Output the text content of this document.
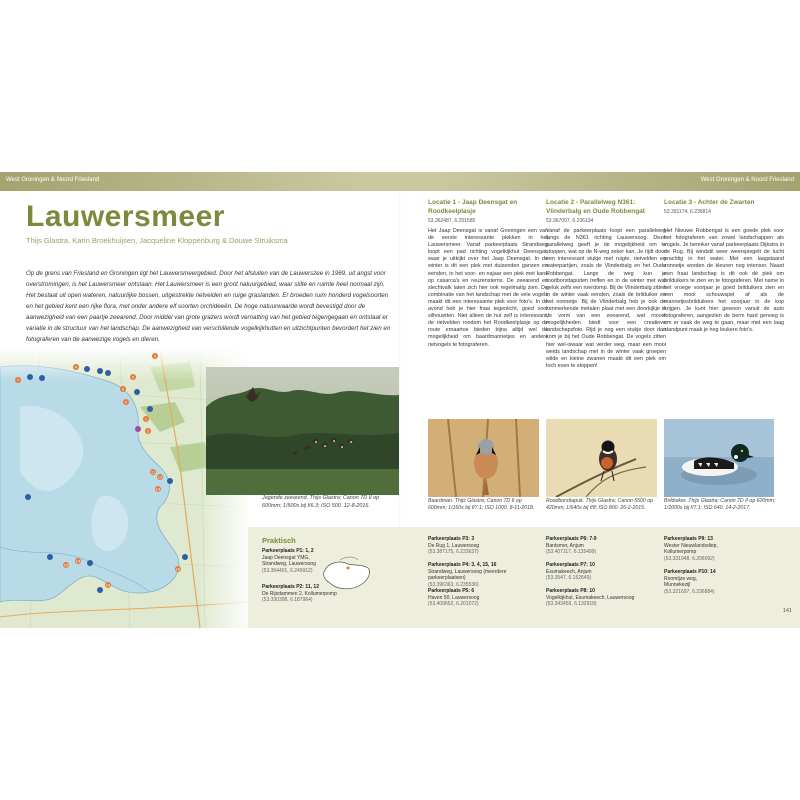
West Groningen & Noord Friesland	West Groningen & Noord Friesland
Lauwersmeer
Thijs Glastra, Karin Broekhuijsen, Jacqueline Kloppenburg & Douwe Struiksma

Op de grens van Friesland en Groningen ligt het Lauwersmeergebied. Door het afsluiten van de Lauwerszee in 1969, uit angst voor overstromingen, is het Lauwersmeer ontstaan. Het Lauwersmeer is een groot natuurgebied, waar stilte en ruimte heel normaal zijn. Het bestaat uit open wateren, natuurlijke bossen, uitgestrekte rietvelden en ruige graslanden. Er broeden ruim honderd vogelsoorten en het gebied kent een rijke flora, met onder andere elf soorten orchideeën. De hoge natuurwaarde wordt bevestigd door de aanwezigheid van een paartje zeearend. Door middel van grote grazers wordt vernatting van het gebied tegengegaan en ontstaat er variatie in de structuur van het landschap. De aanwezigheid van verschillende vogelkijkhutten en uitzichtpunten bevordert het zien en fotograferen van de aanwezige vogels en dieren.

3
4
5
7
8
9
1
2
11
12
13
14
15
16
10
Jagende zeearend. Thijs Glastra; Canon 7D II op 600mm; 1/500s bij f/6.3; ISO 500. 12-8-2016.
Praktisch
Parkeerplaats P1: 1, 2
Jaap Deensgat YMG,
Strandweg, Lauwersoog
(53.364401, 6.249912)
Parkeerplaats P2: 11, 12
De Rijsdammen 2, Kollumerpomp
(53.330398, 6.187964)
Parkeerplaats P3: 3
De Rug 1, Lauwersoog
(53.387175, 6.233637)
Parkeerplaats P4: 3, 4, 15, 16
Strandweg, Lauwersoog (meerdere parkeerplaatsen)
(53.396363, 6.235536)
Parkeerplaats P5: 6
Haven 50, Lauwersoog
(53.409652, 6.201072)
Parkeerplaats P6: 7-9
Bantsmer, Anjum
(53.407117, 6.135499)
Parkeerplaats P7: 10
Esumakeech, Anjum
(53.3547, 6.152649)
Parkeerplaats P8: 10
Vogelkijkhut, Esumakeech, Lauwersoog
(53.343459, 6.132918)
Parkeerplaats P9: 13
Wester Nieuwlandsdiep,
Kollumerpomp
(53.331948, 6.206092)
Parkeerplaats P10: 14
Roomtjze weg,
Munnekezijl
(53.321697, 6.236884)
Locatie 1 - Jaap Deensgat en Roodkeelplasje
53.362487, 6.251585

Het Jaap Deensgat is vanaf Groningen een van de eerste interessante plekken in het Lauwersmeer. Vanaf parkeerplaats Strandweg loopt een pad richting vogelkijkhut Deensgat, waar je uitkijkt over het Jaap Deensgat. In de winter is dit een plek met duizenden ganzen en eenden, in het voor- en najaar een plek met kans op casarca's en reuzensterns. De zeearend en slechtvalk laten zich hier ook regelmatig zien. De combinatie van het landschap met de vele vogels maakt dit een interessante plek voor foto's. In de avond heb je hier fraai tegenlicht, goed voor silhouetten. Niet alleen de hut zelf is interessant, de rietvelden rondom het Roodkeelplasje op de route ernaartoe bieden bijna altijd wel de mogelijkheid om baardmannetjes en andere rietvogels te fotograferen.

Locatie 2 - Parallelweg N361: Vlinderbalg en Oude Robbengat
53.367007, 6.236134

Vanaf de parkeerplaats loopt een parallelweg langs de N361 richting Lauwersoog. Deze parallelweg geeft je de mogelijkheid om te stoppen, wat op de N-weg zeker kan. Je rijdt door een interessant stukje met ruigte, rietvelden en waterpartijen, zoals de Vlinderbalg en het Oude Robbengat. Langs de weg kun je roodborsttapuiten treffen en in de winter met wat geluk zelfs een roerdomp. Bij de Vlinderbalg zitten in de winter vaak eenden, zoals de brilduiker en het nonnetje. Bij de Vlinderbalg heb je ook de kenmerkende metalen plaat met een doorkijkje in de vorm van een zeearend, wat mooie mogelijkheden biedt voor een creatieve landschapsfoto. Rijd je nog een stukje door dan kom je bij het Oude Robbengat. De vogels zitten hier wel-iswaar wat verder weg, maar een mooi weids landschap met in de winter vaak groepen wilde en kleine zwanen maakt dit een plek om toch even te stoppen!

Locatie 3 - Achter de Zwarten
53.391174, 6.236814

Het Nieuwe Robbengat is een goede plek voor het fotograferen van zowel landschappen als vogels. Je bereiker vanaf parkeerplaats Dijkstra in de Rug. Bij windstil weer weerspiegelt de lucht prachtig in het water. Met een laagstaand zonnetje worden de kleuren nog intenser. Naast een fraai landschap is dit ook dé plek om brilduikers te zien en te fotograferen. Met name in het vroege voorjaar je goed brilduikers zien en een mooi schouwspel af als de mannetjesbrilduikers het voorjaar in de kop krijgen. Je kunt hier gewoon vanuit de auto fotograferen, aangezien de berm hard genoeg is om er vaak de weg te gaan, maar met een laag standpunt maak je nog leukere foto's.

Baardman. Thijs Glastra; Canon 7D II op 600mm; 1/160s bij f/7.1; ISO 1000. 8-11-2018.
Roodborsttapuit. Thijs Glastra; Canon 5500 op 420mm; 1/640s bij f/8; ISO 800. 26-2-2015.
Brilduiker. Thijs Glastra; Canon 7D II op 600mm; 1/2000s bij f/7.1; ISO 640. 14-2-2017.
141
